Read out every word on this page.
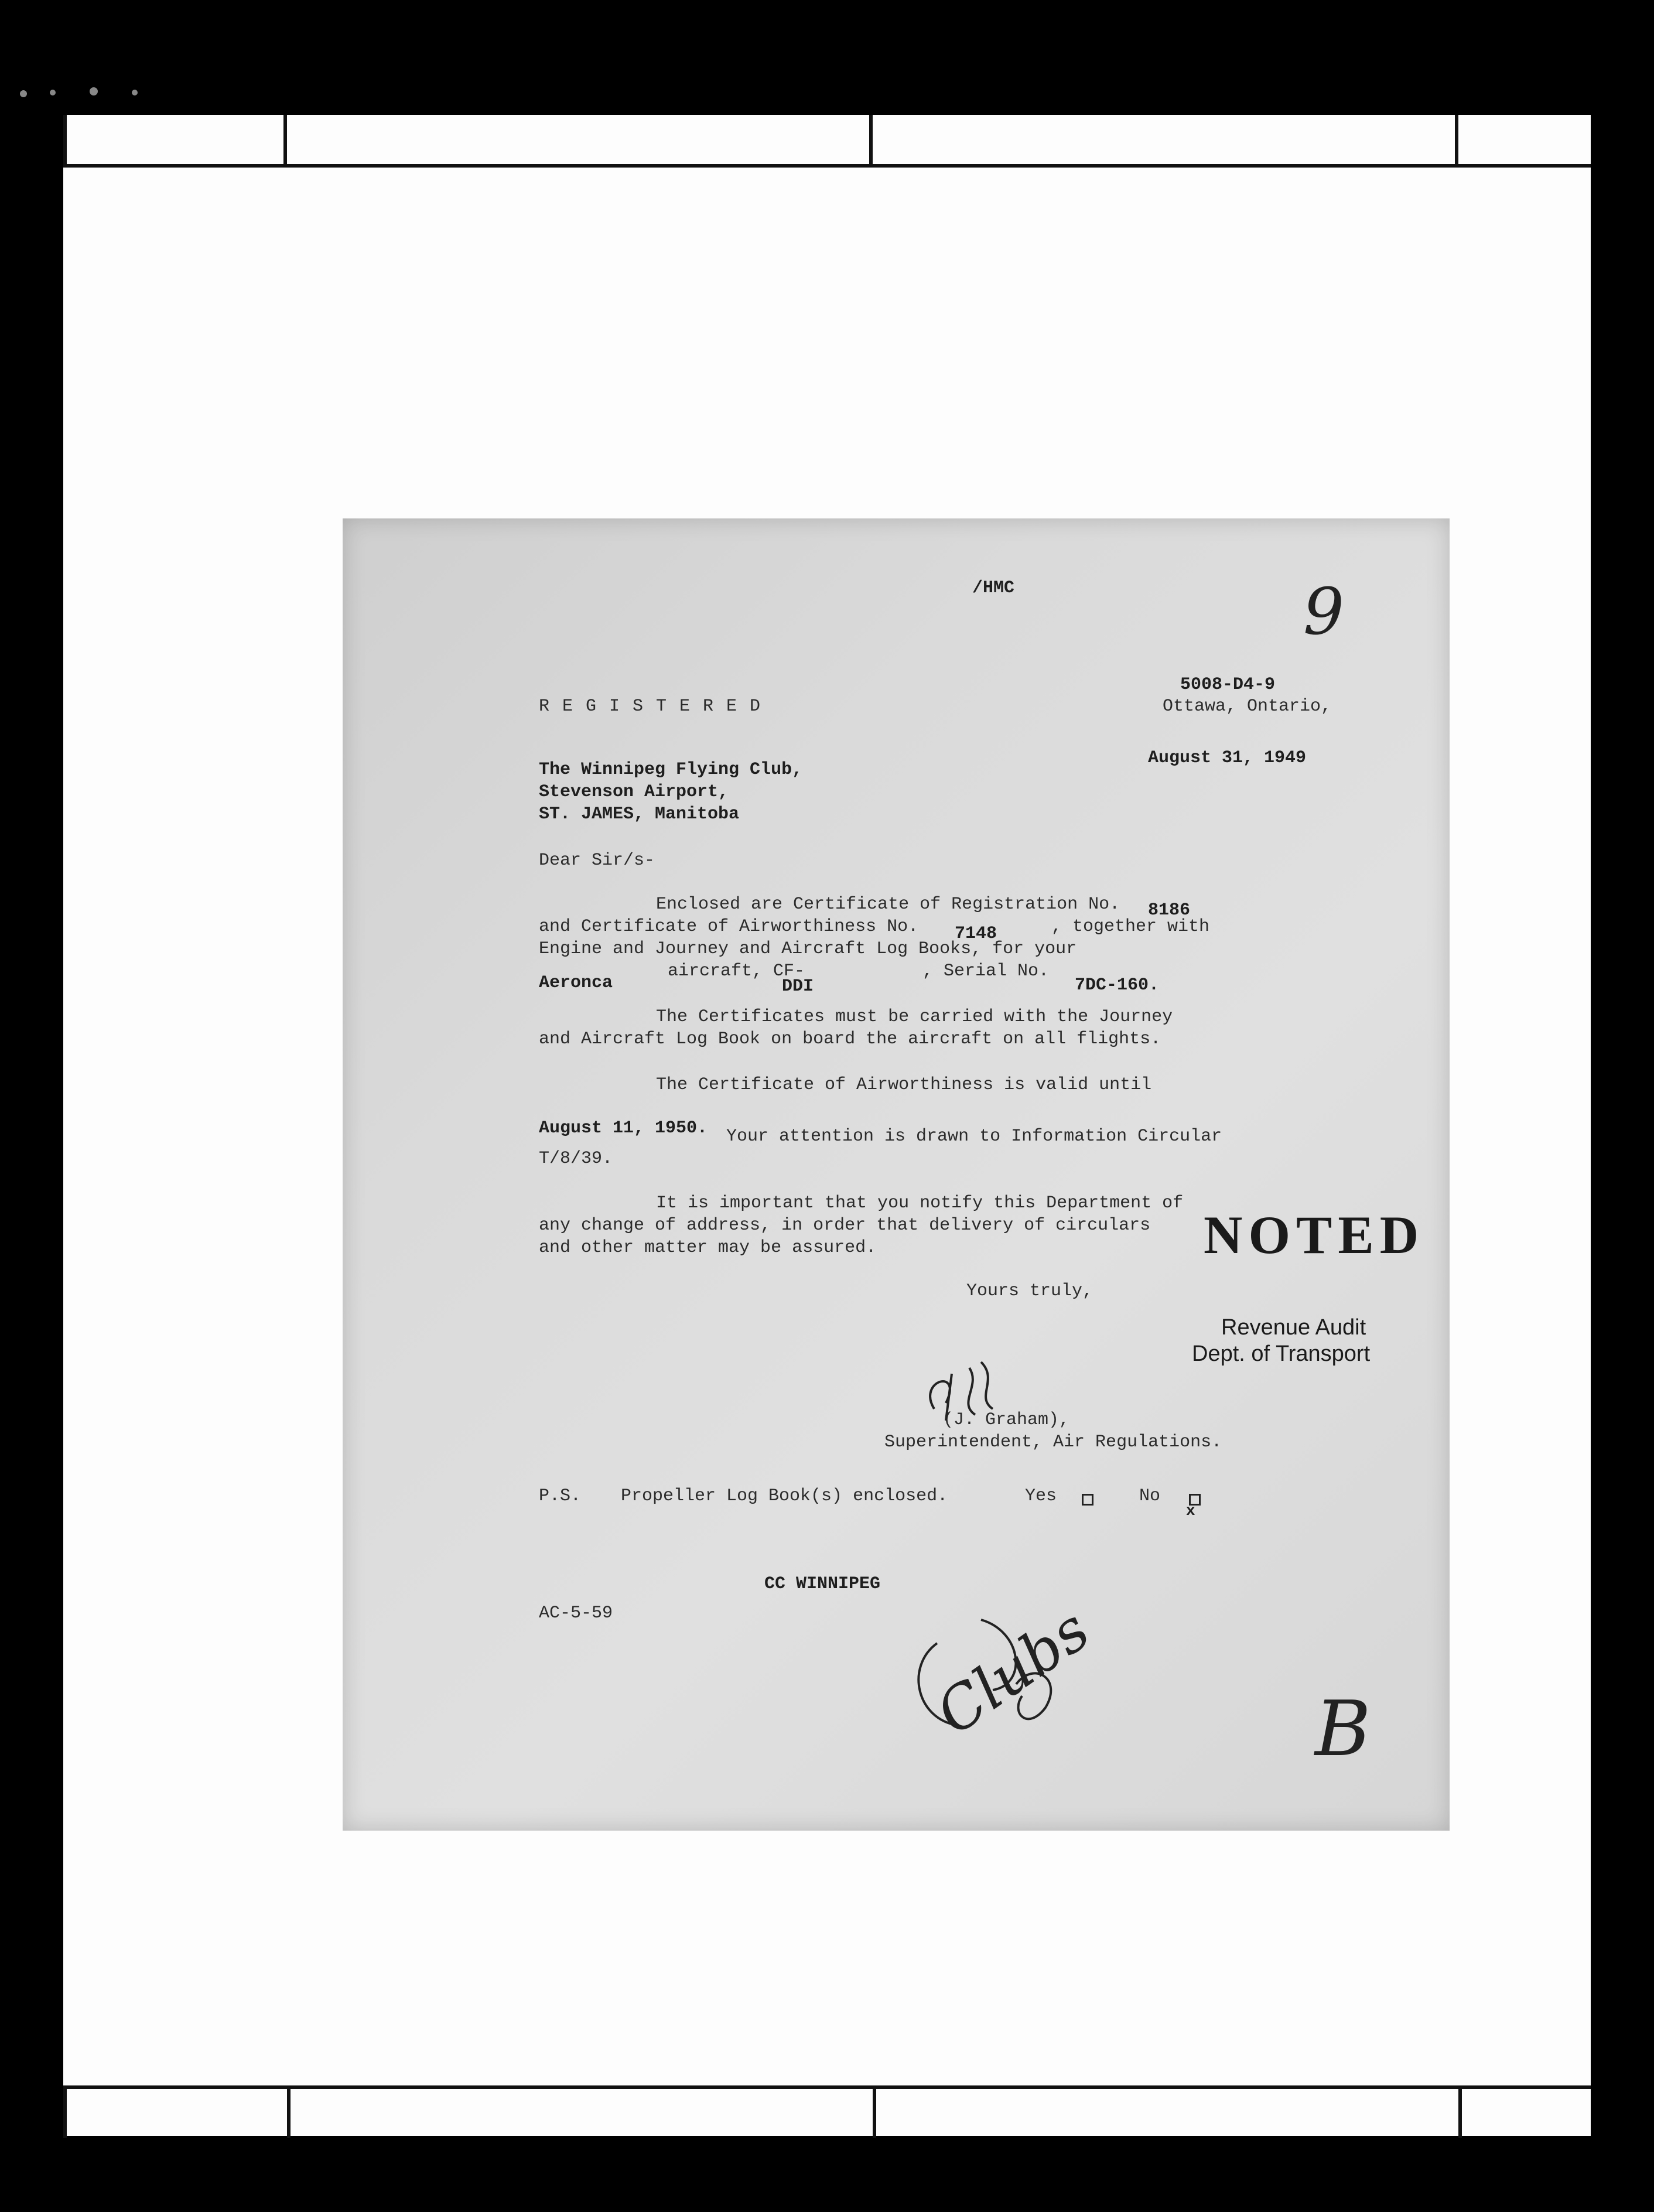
/HMC	9
5008-D4-9
Ottawa, Ontario,
R E G I S T E R E D
August 31, 1949
The Winnipeg Flying Club,
Stevenson Airport,
ST. JAMES, Manitoba
Dear Sir/s-
Enclosed are Certificate of Registration No. 8186
and Certificate of Airworthiness No. 7148	, together with
Engine and Journey and Aircraft Log Books, for your
Aeronca
aircraft, CF-
DDI
, Serial No.
7DC-160.
The Certificates must be carried with the Journey
and Aircraft Log Book on board the aircraft on all flights.
The Certificate of Airworthiness is valid until
August 11, 1950. Your attention is drawn to Information Circular
T/8/39.
It is important that you notify this Department of
any change of address, in order that delivery of circulars
and other matter may be assured.
Yours truly,
(J. Graham),
Superintendent, Air Regulations.
P.S. Propeller Log Book(s) enclosed.	Yes	No
x
CC WINNIPEG
AC-5-59	Clubs	B
NOTED
Revenue Audit
Dept. of Transport
